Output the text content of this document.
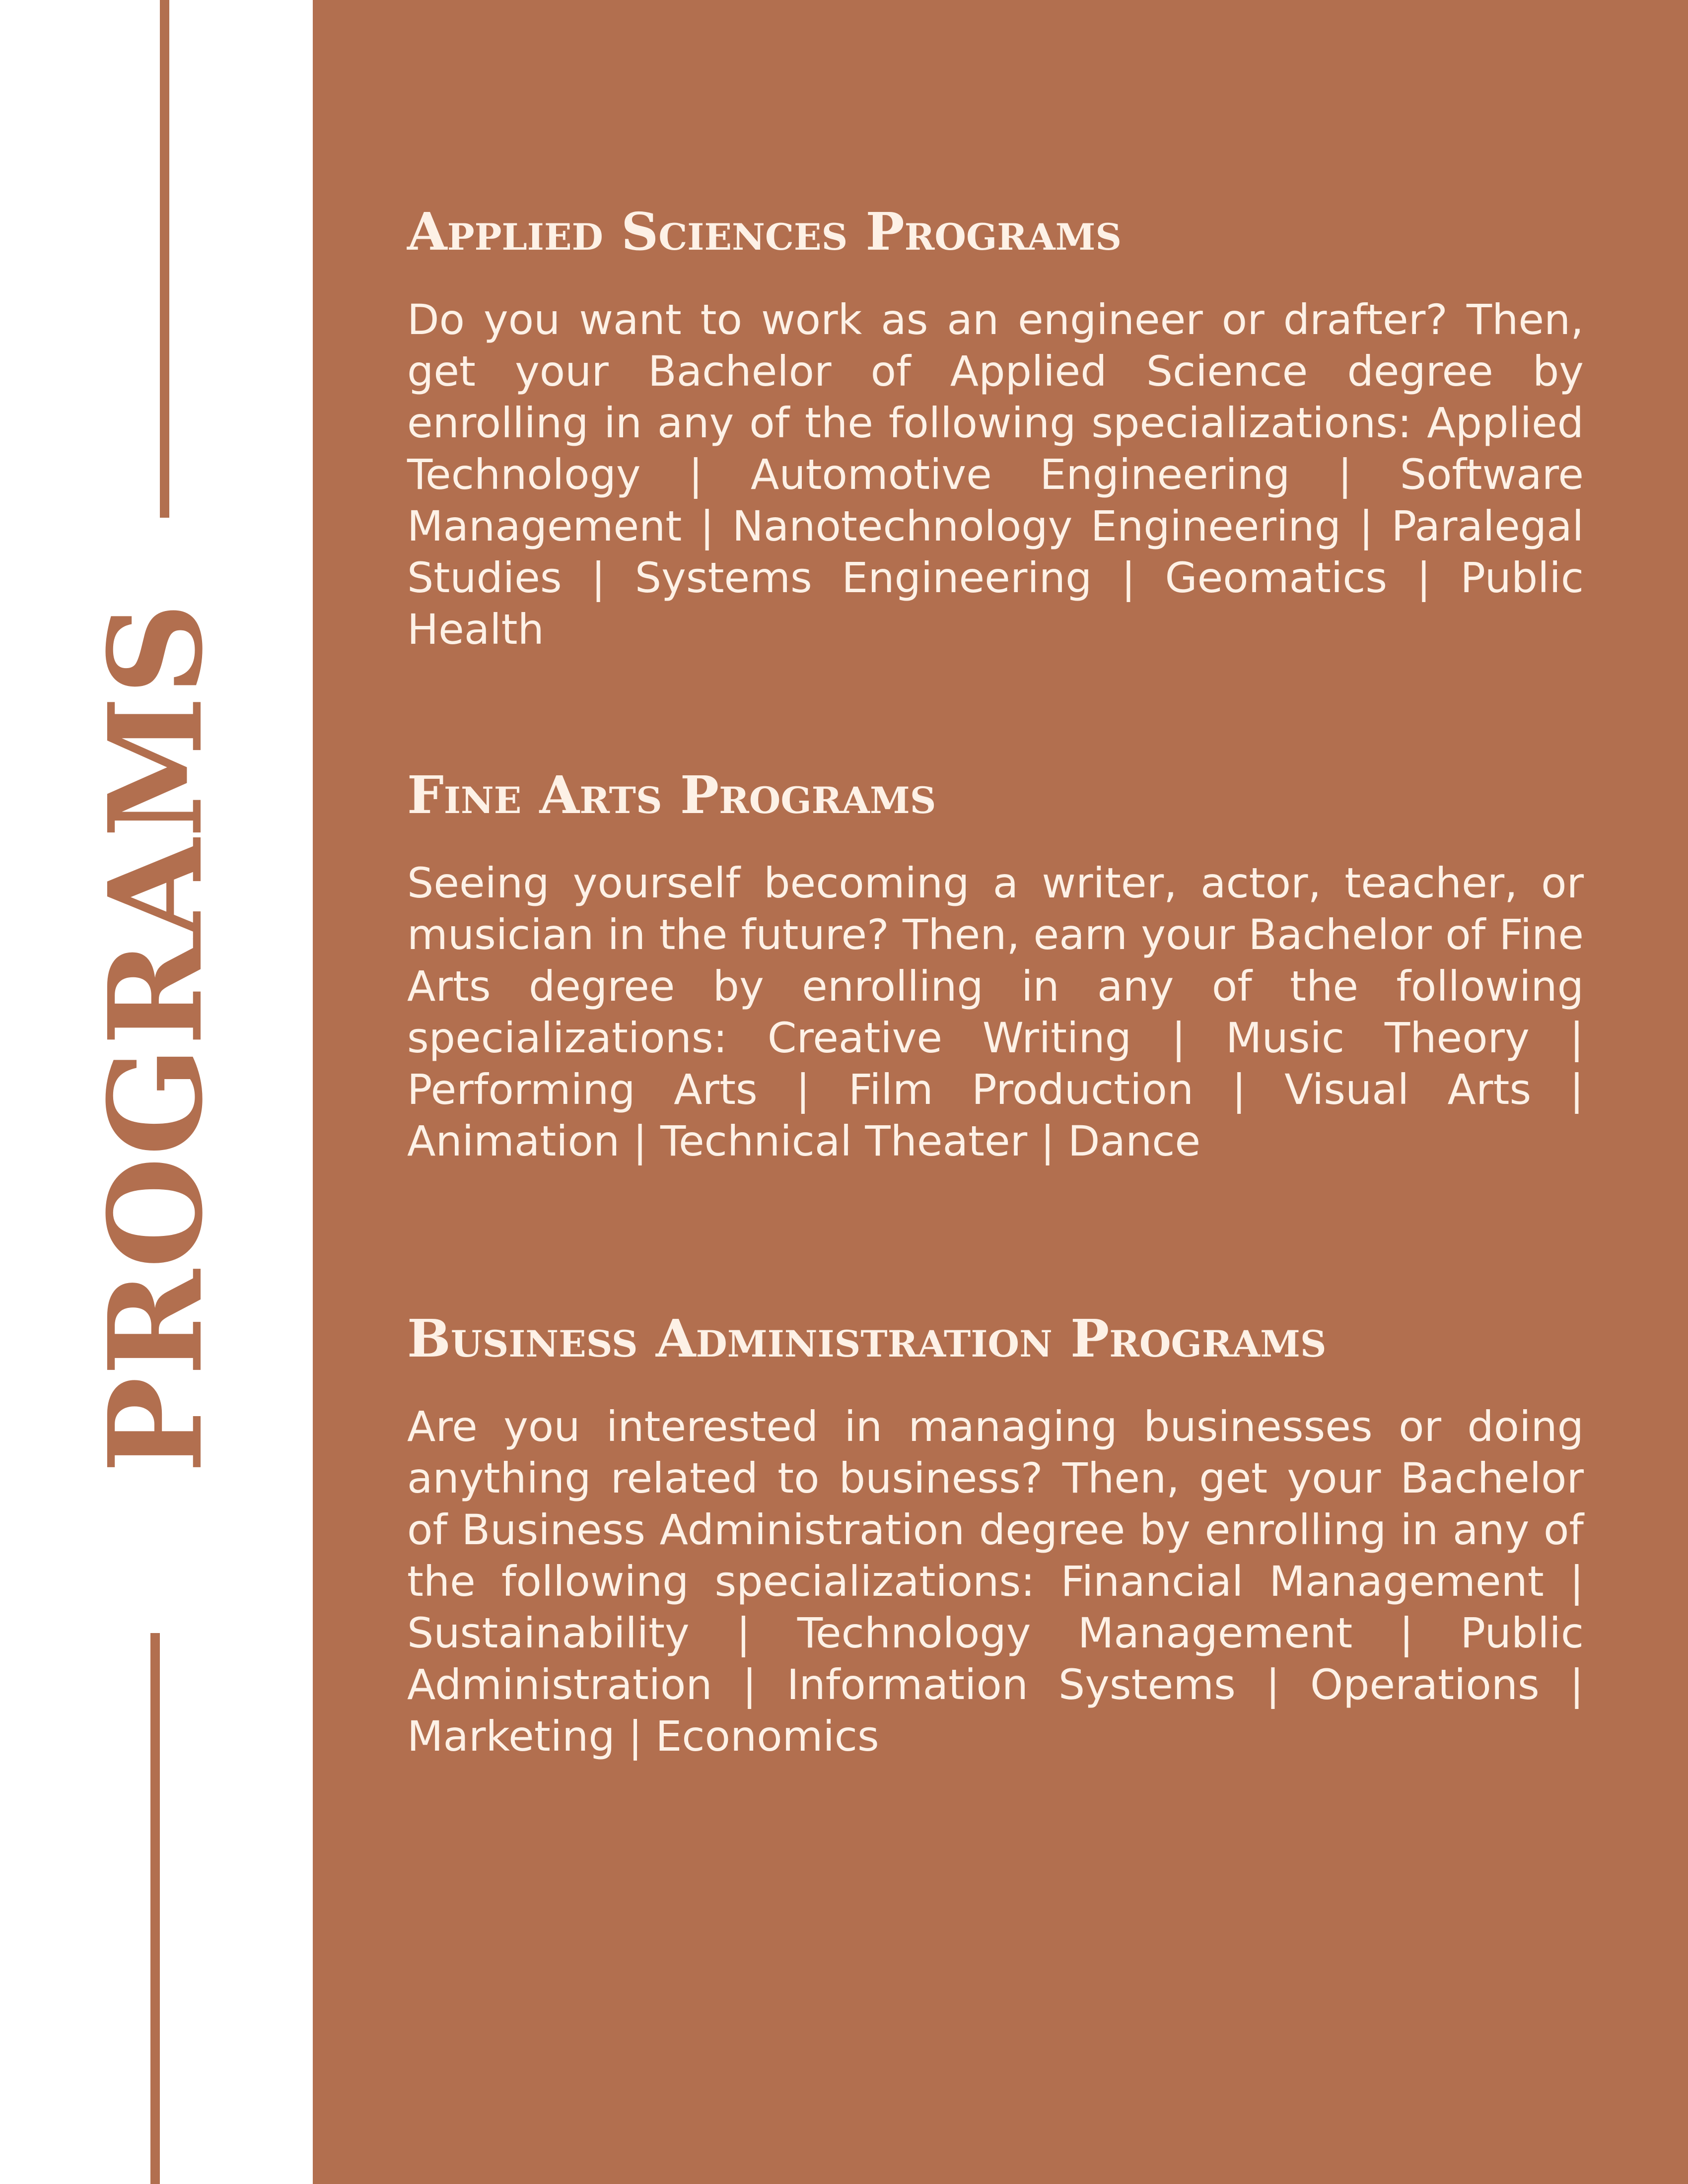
PROGRAMS
Applied Sciences Programs

Do you want to work as an engineer or drafter? Then, get your Bachelor of Applied Science degree by enrolling in any of the following specializations: Applied Technology | Automotive Engineering | Software Management | Nanotechnology Engineering | Paralegal Studies | Systems Engineering | Geomatics | Public Health

Fine Arts Programs

Seeing yourself becoming a writer, actor, teacher, or musician in the future? Then, earn your Bachelor of Fine Arts degree by enrolling in any of the following specializations: Creative Writing | Music Theory | Performing Arts | Film Production | Visual Arts | Animation | Technical Theater | Dance

Business Administration Programs

Are you interested in managing businesses or doing anything related to business? Then, get your Bachelor of Business Administration degree by enrolling in any of the following specializations: Financial Management | Sustainability | Technology Management | Public Administration | Information Systems | Operations | Marketing | Economics
